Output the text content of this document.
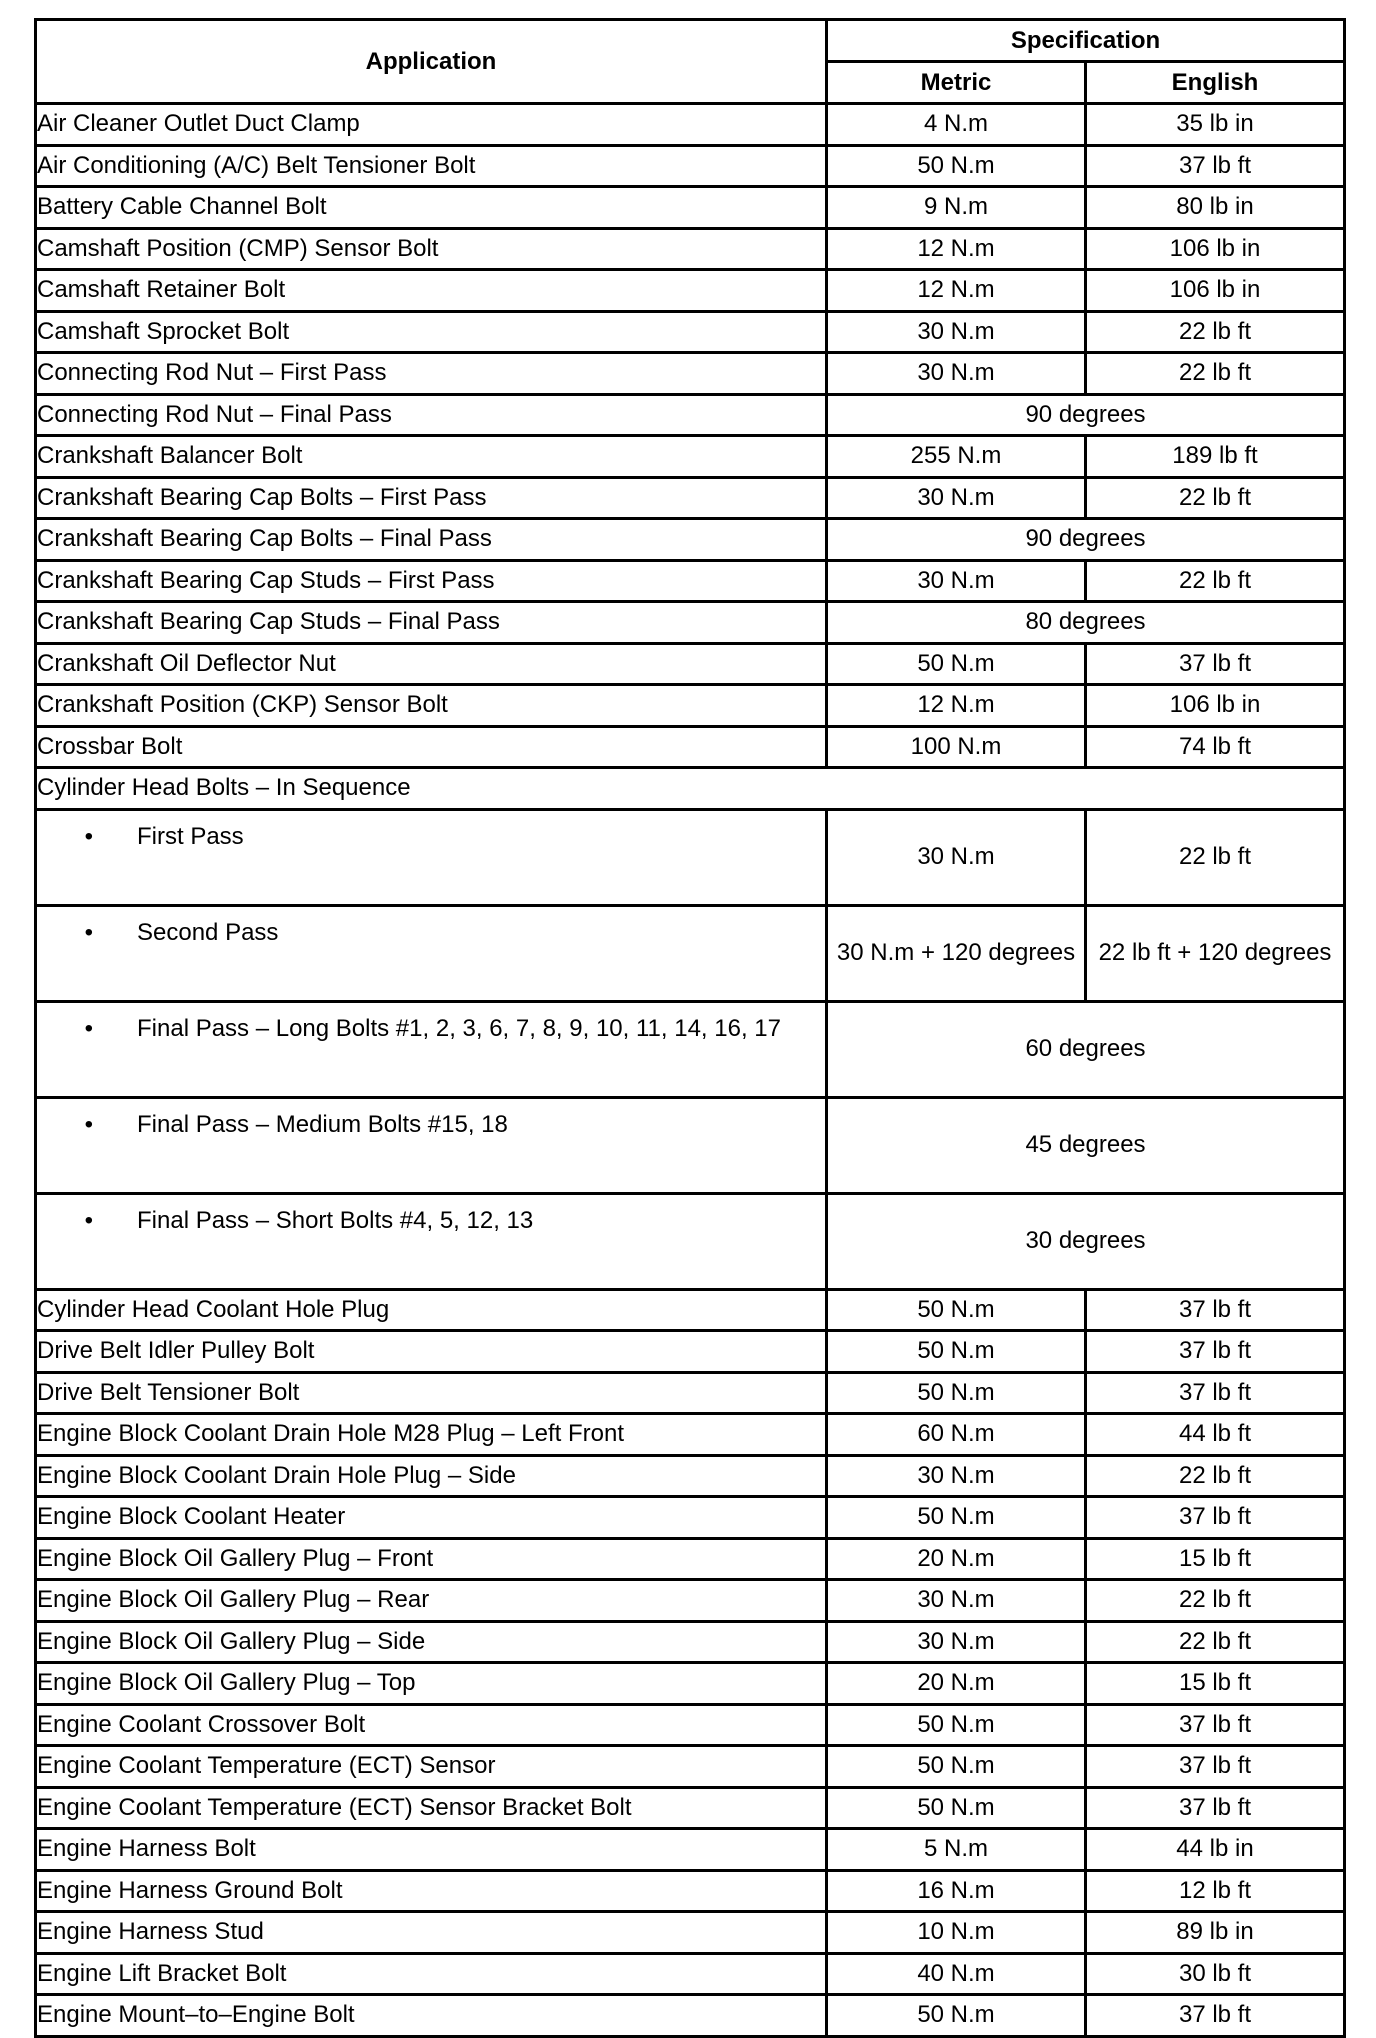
Application	Specification	
	Metric	English
Air Cleaner Outlet Duct Clamp	4 N.m	35 lb in
Air Conditioning (A/C) Belt Tensioner Bolt	50 N.m	37 lb ft
Battery Cable Channel Bolt	9 N.m	80 lb in
Camshaft Position (CMP) Sensor Bolt	12 N.m	106 lb in
Camshaft Retainer Bolt	12 N.m	106 lb in
Camshaft Sprocket Bolt	30 N.m	22 lb ft
Connecting Rod Nut – First Pass	30 N.m	22 lb ft
Connecting Rod Nut – Final Pass	90 degrees	
Crankshaft Balancer Bolt	255 N.m	189 lb ft
Crankshaft Bearing Cap Bolts – First Pass	30 N.m	22 lb ft
Crankshaft Bearing Cap Bolts – Final Pass	90 degrees	
Crankshaft Bearing Cap Studs – First Pass	30 N.m	22 lb ft
Crankshaft Bearing Cap Studs – Final Pass	80 degrees	
Crankshaft Oil Deflector Nut	50 N.m	37 lb ft
Crankshaft Position (CKP) Sensor Bolt	12 N.m	106 lb in
Crossbar Bolt	100 N.m	74 lb ft
Cylinder Head Bolts – In Sequence		
• First Pass	30 N.m	22 lb ft
• Second Pass	30 N.m + 120 degrees	22 lb ft + 120 degrees
• Final Pass – Long Bolts #1, 2, 3, 6, 7, 8, 9, 10, 11, 14, 16, 17	60 degrees	
• Final Pass – Medium Bolts #15, 18	45 degrees	
• Final Pass – Short Bolts #4, 5, 12, 13	30 degrees	
Cylinder Head Coolant Hole Plug	50 N.m	37 lb ft
Drive Belt Idler Pulley Bolt	50 N.m	37 lb ft
Drive Belt Tensioner Bolt	50 N.m	37 lb ft
Engine Block Coolant Drain Hole M28 Plug – Left Front	60 N.m	44 lb ft
Engine Block Coolant Drain Hole Plug – Side	30 N.m	22 lb ft
Engine Block Coolant Heater	50 N.m	37 lb ft
Engine Block Oil Gallery Plug – Front	20 N.m	15 lb ft
Engine Block Oil Gallery Plug – Rear	30 N.m	22 lb ft
Engine Block Oil Gallery Plug – Side	30 N.m	22 lb ft
Engine Block Oil Gallery Plug – Top	20 N.m	15 lb ft
Engine Coolant Crossover Bolt	50 N.m	37 lb ft
Engine Coolant Temperature (ECT) Sensor	50 N.m	37 lb ft
Engine Coolant Temperature (ECT) Sensor Bracket Bolt	50 N.m	37 lb ft
Engine Harness Bolt	5 N.m	44 lb in
Engine Harness Ground Bolt	16 N.m	12 lb ft
Engine Harness Stud	10 N.m	89 lb in
Engine Lift Bracket Bolt	40 N.m	30 lb ft
Engine Mount–to–Engine Bolt	50 N.m	37 lb ft
